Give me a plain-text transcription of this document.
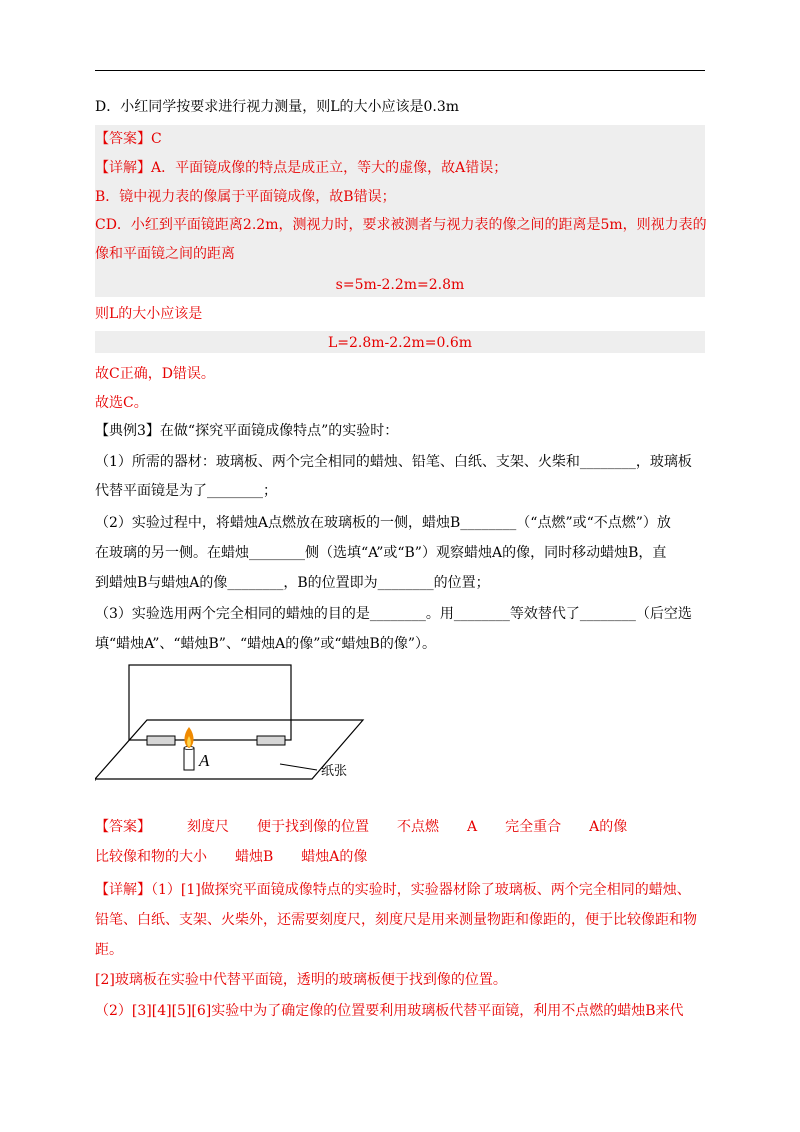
D．小红同学按要求进行视力测量，则L的大小应该是0.3m
【答案】C
【详解】A．平面镜成像的特点是成正立，等大的虚像，故A错误；
B．镜中视力表的像属于平面镜成像，故B错误；
CD．小红到平面镜距离2.2m，测视力时，要求被测者与视力表的像之间的距离是5m，则视力表的
像和平面镜之间的距离
s=5m-2.2m=2.8m
则L的大小应该是
L=2.8m-2.2m=0.6m
故C正确，D错误。
故选C。
【典例3】在做“探究平面镜成像特点”的实验时：
（1）所需的器材：玻璃板、两个完全相同的蜡烛、铅笔、白纸、支架、火柴和________，玻璃板
代替平面镜是为了________；
（2）实验过程中，将蜡烛A点燃放在玻璃板的一侧，蜡烛B________（“点燃”或“不点燃”）放
在玻璃的另一侧。在蜡烛________侧（选填“A”或“B”）观察蜡烛A的像，同时移动蜡烛B，直
到蜡烛B与蜡烛A的像________，B的位置即为________的位置；
（3）实验选用两个完全相同的蜡烛的目的是________。用________等效替代了________（后空选
填“蜡烛A”、“蜡烛B”、“蜡烛A的像”或“蜡烛B的像”）。
A
纸张
【答案】	刻度尺 便于找到像的位置 不点燃 A 完全重合 A的像
比较像和物的大小 蜡烛B 蜡烛A的像
【详解】（1）[1]做探究平面镜成像特点的实验时，实验器材除了玻璃板、两个完全相同的蜡烛、
铅笔、白纸、支架、火柴外，还需要刻度尺，刻度尺是用来测量物距和像距的，便于比较像距和物
距。
[2]玻璃板在实验中代替平面镜，透明的玻璃板便于找到像的位置。
（2）[3][4][5][6]实验中为了确定像的位置要利用玻璃板代替平面镜，利用不点燃的蜡烛B来代
